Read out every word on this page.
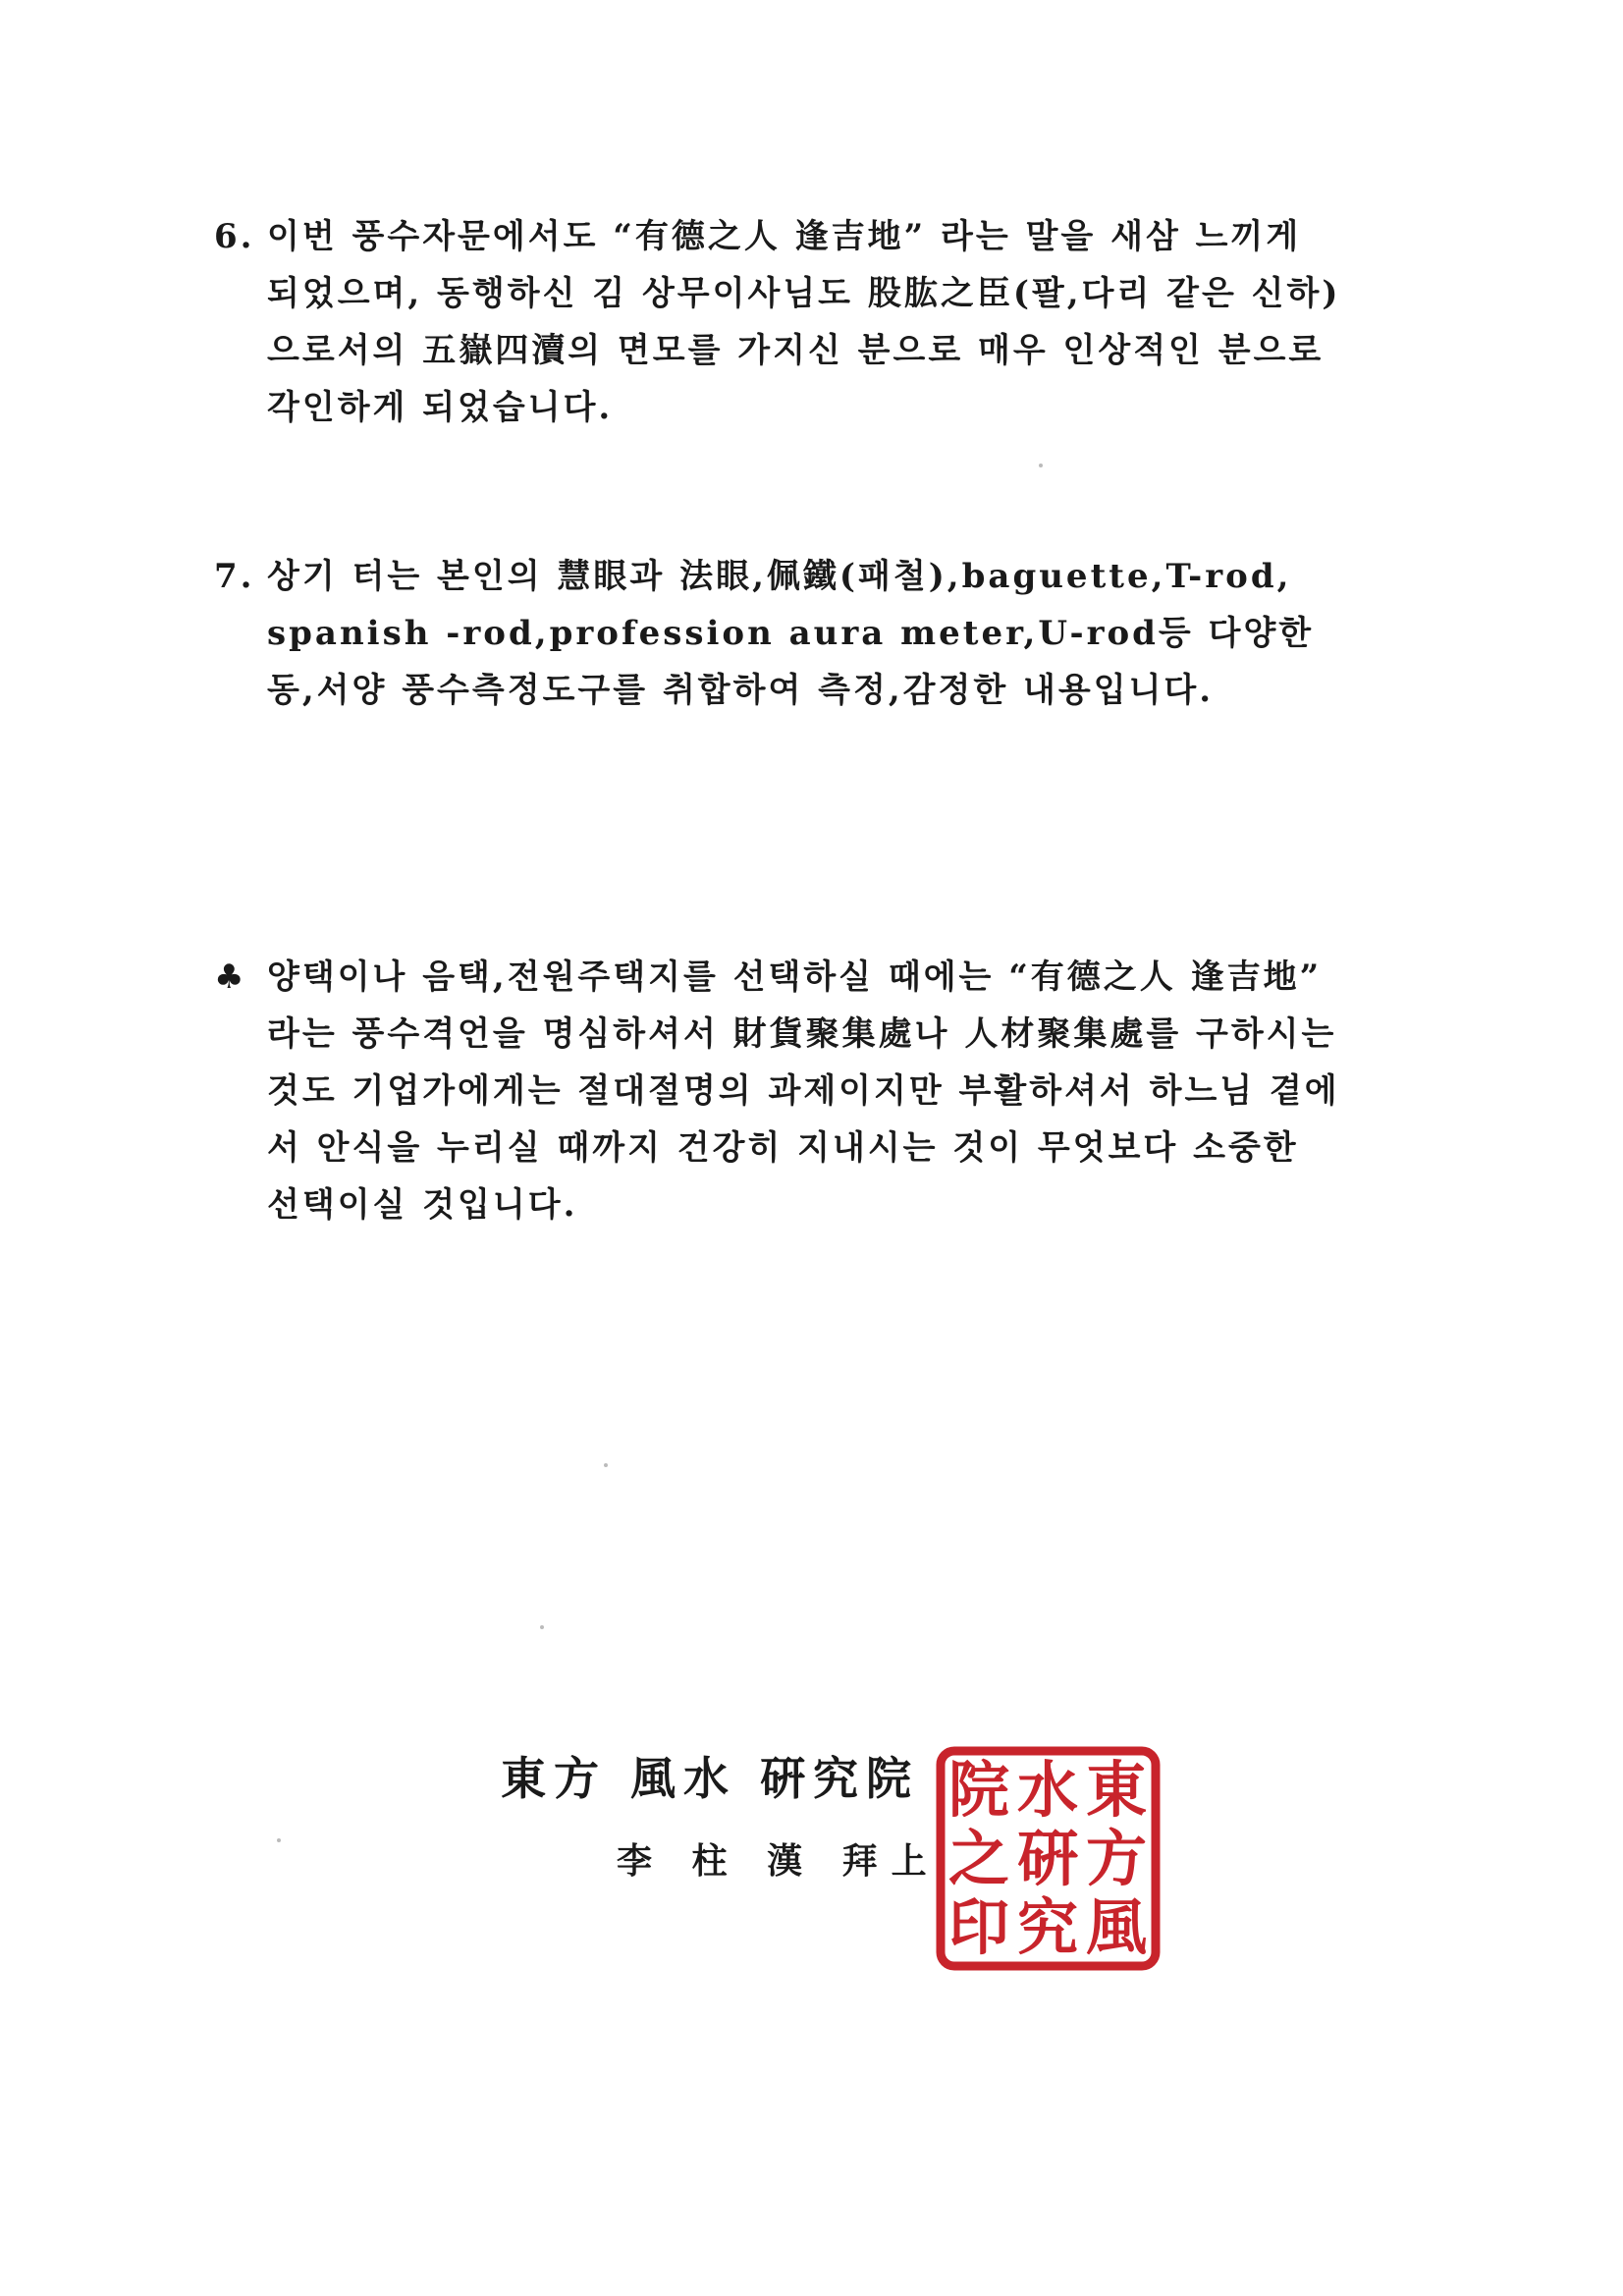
6. 이번 풍수자문에서도 “有德之人 逢吉地” 라는 말을 새삼 느끼게
되었으며, 동행하신 김 상무이사님도 股肱之臣(팔,다리 같은 신하)
으로서의 五嶽四瀆의 면모를 가지신 분으로 매우 인상적인 분으로
각인하게 되었습니다.
7. 상기 터는 본인의 慧眼과 法眼,佩鐵(패철),baguette,T-rod,
spanish -rod,profession aura meter,U-rod등 다양한
동,서양 풍수측정도구를 취합하여 측정,감정한 내용입니다.
♣ 양택이나 음택,전원주택지를 선택하실 때에는 “有德之人 逢吉地”
라는 풍수격언을 명심하셔서 財貨聚集處나 人材聚集處를 구하시는
것도 기업가에게는 절대절명의 과제이지만 부활하셔서 하느님 곁에
서 안식을 누리실 때까지 건강히 지내시는 것이 무엇보다 소중한
선택이실 것입니다.
東方 風水 硏究院
李 柱 漢 拜上
東
方
風
水
硏
究
院
之
印
